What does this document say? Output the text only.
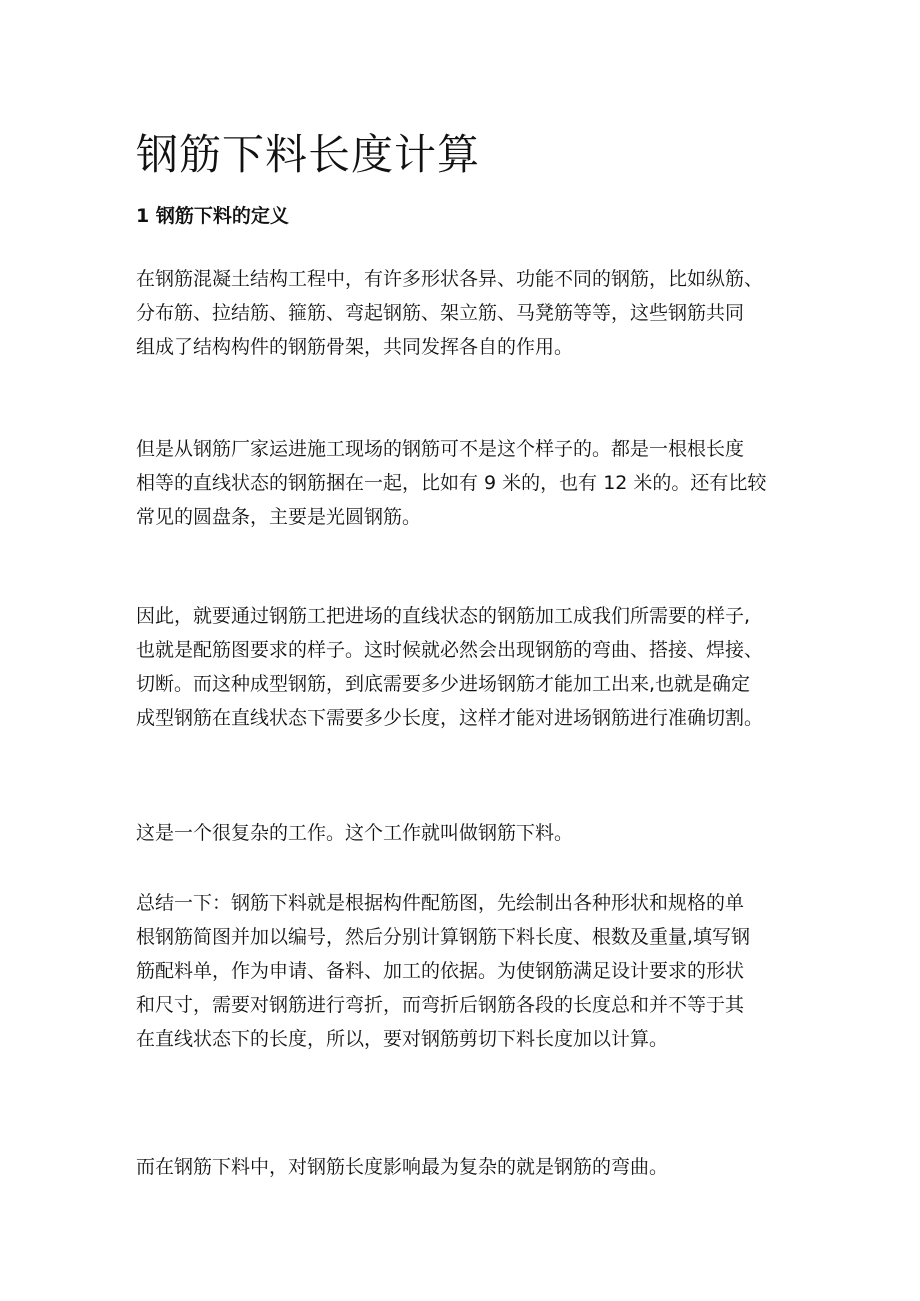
钢筋下料长度计算
1 钢筋下料的定义

在钢筋混凝土结构工程中，有许多形状各异、功能不同的钢筋，比如纵筋、
分布筋、拉结筋、箍筋、弯起钢筋、架立筋、马凳筋等等，这些钢筋共同
组成了结构构件的钢筋骨架，共同发挥各自的作用。

但是从钢筋厂家运进施工现场的钢筋可不是这个样子的。都是一根根长度
相等的直线状态的钢筋捆在一起，比如有 9 米的，也有 12 米的。还有比较
常见的圆盘条，主要是光圆钢筋。

因此，就要通过钢筋工把进场的直线状态的钢筋加工成我们所需要的样子,
也就是配筋图要求的样子。这时候就必然会出现钢筋的弯曲、搭接、焊接、
切断。而这种成型钢筋，到底需要多少进场钢筋才能加工出来,也就是确定
成型钢筋在直线状态下需要多少长度，这样才能对进场钢筋进行准确切割。

这是一个很复杂的工作。这个工作就叫做钢筋下料。

总结一下：钢筋下料就是根据构件配筋图，先绘制出各种形状和规格的单
根钢筋简图并加以编号，然后分别计算钢筋下料长度、根数及重量,填写钢
筋配料单，作为申请、备料、加工的依据。为使钢筋满足设计要求的形状
和尺寸，需要对钢筋进行弯折，而弯折后钢筋各段的长度总和并不等于其
在直线状态下的长度，所以，要对钢筋剪切下料长度加以计算。

而在钢筋下料中，对钢筋长度影响最为复杂的就是钢筋的弯曲。
